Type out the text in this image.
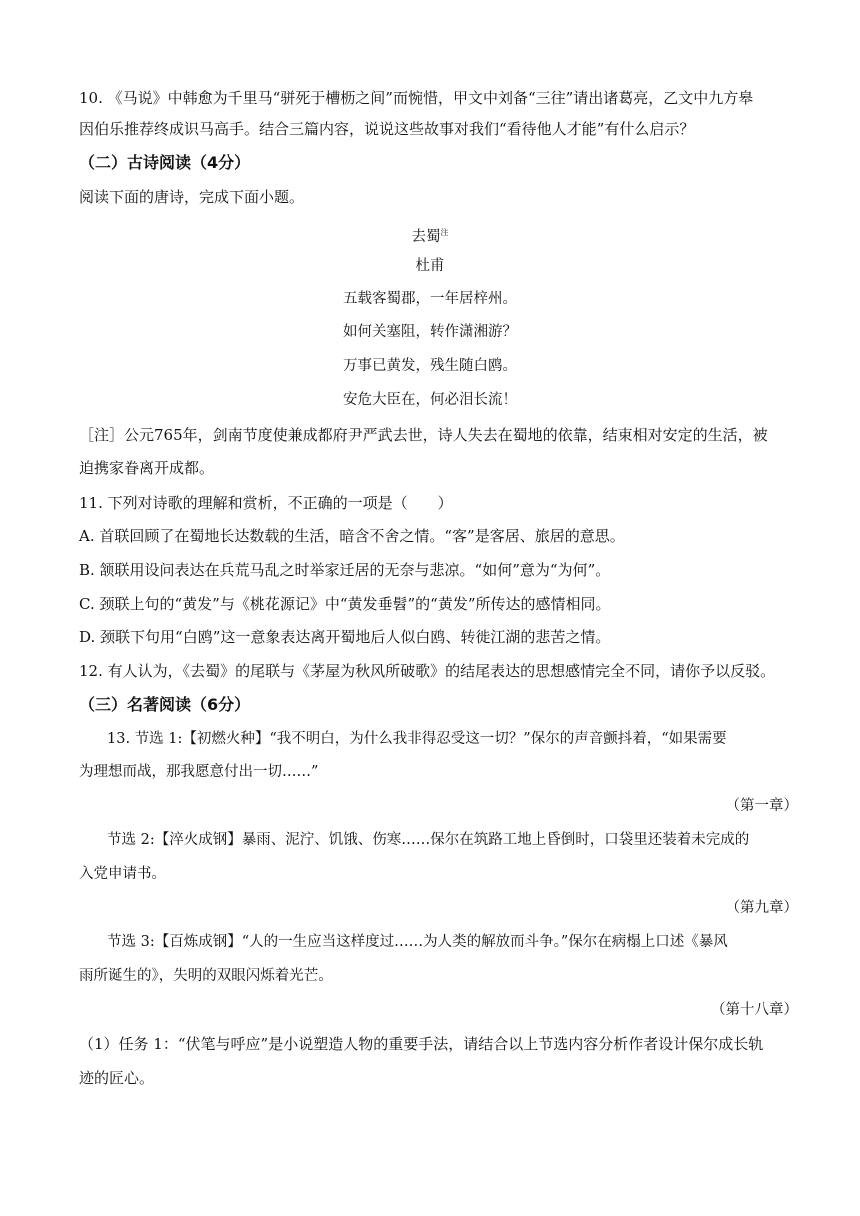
10. 《马说》中韩愈为千里马“骈死于槽枥之间”而惋惜，甲文中刘备“三往”请出诸葛亮，乙文中九方皋
因伯乐推荐终成识马高手。结合三篇内容，说说这些故事对我们“看待他人才能”有什么启示？
（二）古诗阅读（4分）
阅读下面的唐诗，完成下面小题。
去蜀$^注$
杜甫
五载客蜀郡，一年居梓州。
如何关塞阻，转作潇湘游？
万事已黄发，残生随白鸥。
安危大臣在，何必泪长流！
［注］公元765年，剑南节度使兼成都府尹严武去世，诗人失去在蜀地的依靠，结束相对安定的生活，被
迫携家眷离开成都。
11. 下列对诗歌的理解和赏析，不正确的一项是（　　）
A. 首联回顾了在蜀地长达数载的生活，暗含不舍之情。“客”是客居、旅居的意思。
B. 颔联用设问表达在兵荒马乱之时举家迁居的无奈与悲凉。“如何”意为“为何”。
C. 颈联上句的“黄发”与《桃花源记》中“黄发垂髫”的“黄发”所传达的感情相同。
D. 颈联下句用“白鸥”这一意象表达离开蜀地后人似白鸥、转徙江湖的悲苦之情。
12. 有人认为，《去蜀》的尾联与《茅屋为秋风所破歌》的结尾表达的思想感情完全不同，请你予以反驳。
（三）名著阅读（6分）
13. 节选 1:【初燃火种】“我不明白，为什么我非得忍受这一切？”保尔的声音颤抖着，“如果需要
为理想而战，那我愿意付出一切……”
（第一章）
节选 2:【淬火成钢】暴雨、泥泞、饥饿、伤寒……保尔在筑路工地上昏倒时，口袋里还装着未完成的
入党申请书。
（第九章）
节选 3:【百炼成钢】“人的一生应当这样度过……为人类的解放而斗争。”保尔在病榻上口述《暴风
雨所诞生的》，失明的双眼闪烁着光芒。
（第十八章）
（1）任务 1：“伏笔与呼应”是小说塑造人物的重要手法，请结合以上节选内容分析作者设计保尔成长轨
迹的匠心。
